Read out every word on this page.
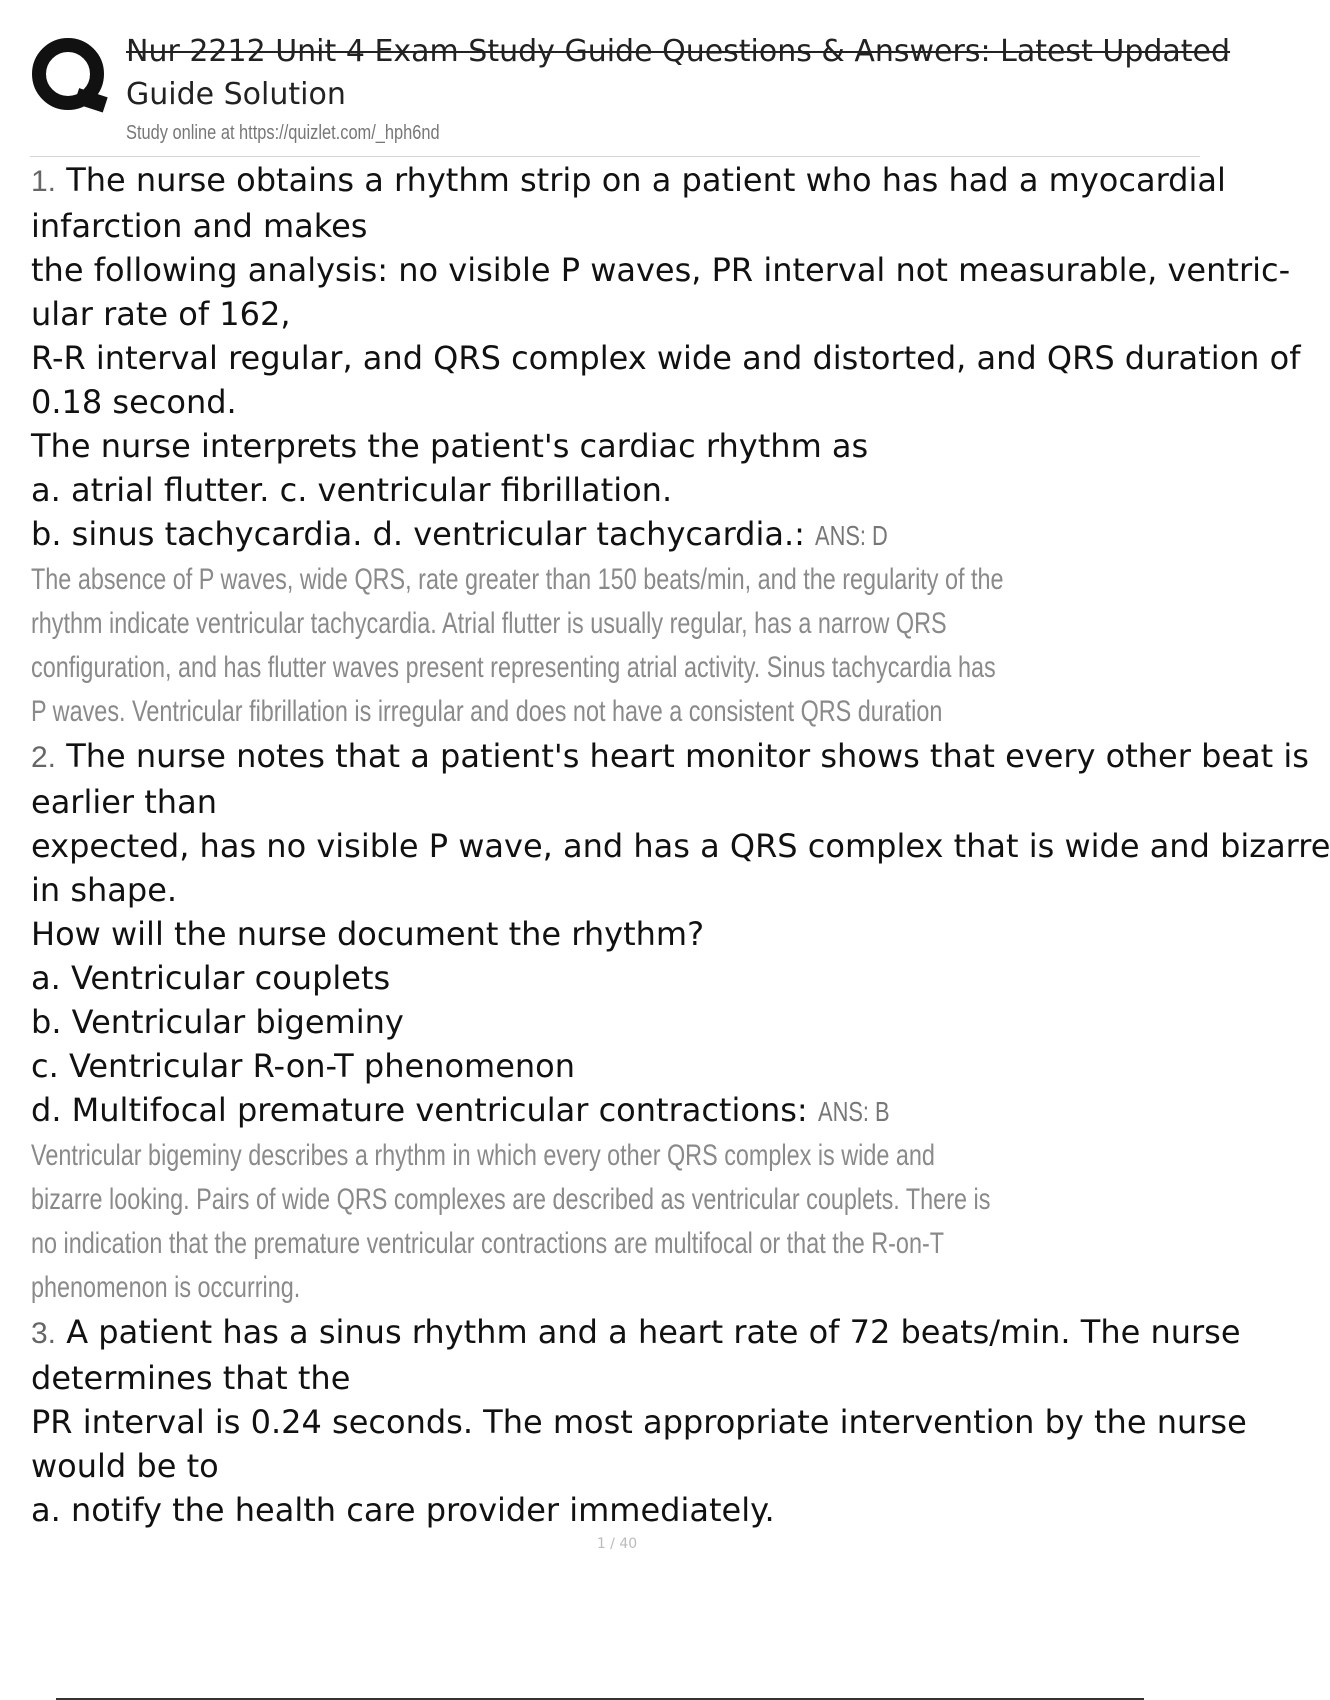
Nur 2212 Unit 4 Exam Study Guide Questions & Answers: Latest Updated
Guide Solution
Study online at https://quizlet.com/_hph6nd
1. The nurse obtains a rhythm strip on a patient who has had a myocardial
infarction and makes
the following analysis: no visible P waves, PR interval not measurable, ventric-
ular rate of 162,
R-R interval regular, and QRS complex wide and distorted, and QRS duration of
0.18 second.
The nurse interprets the patient's cardiac rhythm as
a. atrial flutter. c. ventricular fibrillation.
b. sinus tachycardia. d. ventricular tachycardia.: ANS: D
The absence of P waves, wide QRS, rate greater than 150 beats/min, and the regularity of the
rhythm indicate ventricular tachycardia. Atrial flutter is usually regular, has a narrow QRS
configuration, and has flutter waves present representing atrial activity. Sinus tachycardia has
P waves. Ventricular fibrillation is irregular and does not have a consistent QRS duration
2. The nurse notes that a patient's heart monitor shows that every other beat is
earlier than
expected, has no visible P wave, and has a QRS complex that is wide and bizarre
in shape.
How will the nurse document the rhythm?
a. Ventricular couplets
b. Ventricular bigeminy
c. Ventricular R-on-T phenomenon
d. Multifocal premature ventricular contractions: ANS: B
Ventricular bigeminy describes a rhythm in which every other QRS complex is wide and
bizarre looking. Pairs of wide QRS complexes are described as ventricular couplets. There is
no indication that the premature ventricular contractions are multifocal or that the R-on-T
phenomenon is occurring.
3. A patient has a sinus rhythm and a heart rate of 72 beats/min. The nurse
determines that the
PR interval is 0.24 seconds. The most appropriate intervention by the nurse
would be to
a. notify the health care provider immediately.
1 / 40
